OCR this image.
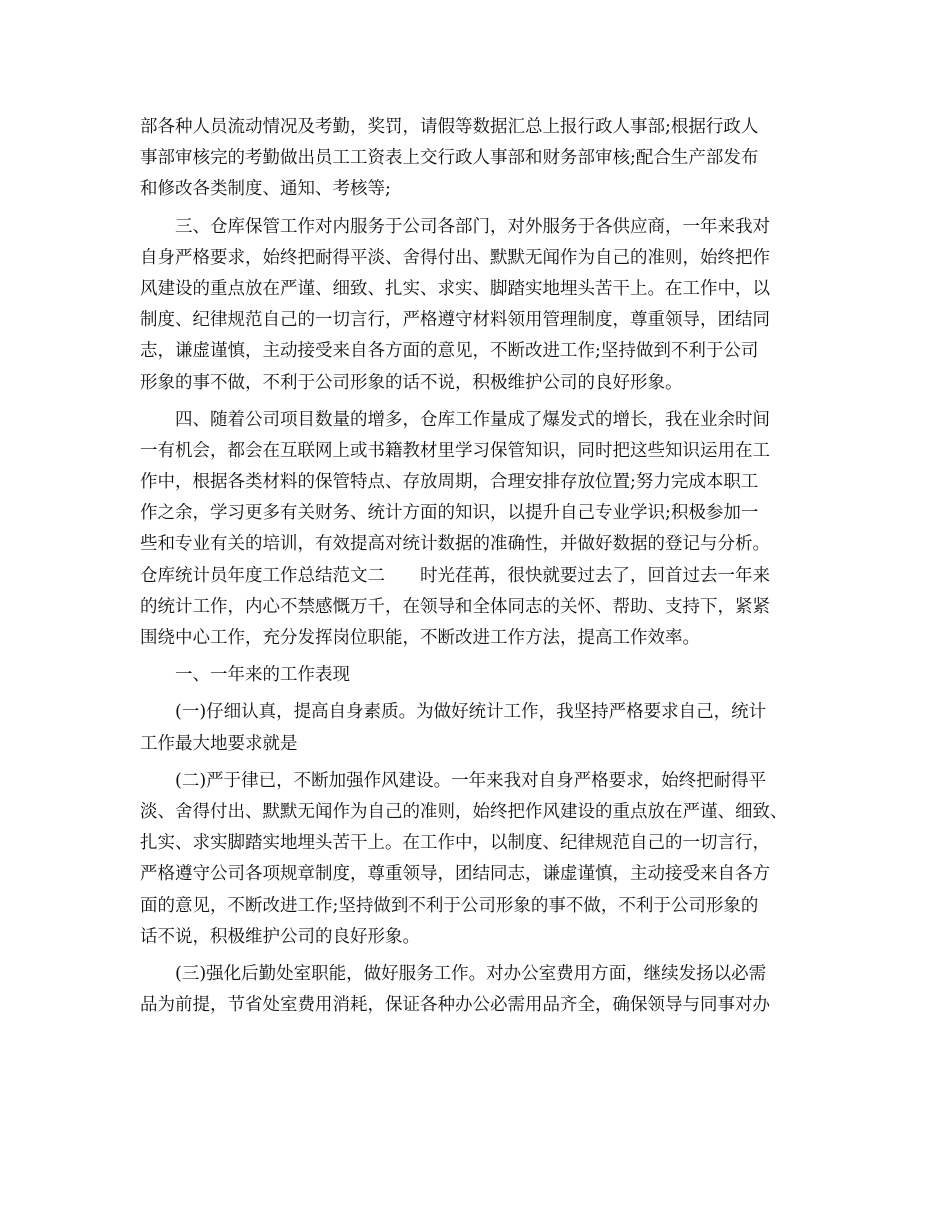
部各种人员流动情况及考勤，奖罚，请假等数据汇总上报行政人事部;根据行政人
事部审核完的考勤做出员工工资表上交行政人事部和财务部审核;配合生产部发布
和修改各类制度、通知、考核等;
三、仓库保管工作对内服务于公司各部门，对外服务于各供应商，一年来我对
自身严格要求，始终把耐得平淡、舍得付出、默默无闻作为自己的准则，始终把作
风建设的重点放在严谨、细致、扎实、求实、脚踏实地埋头苦干上。在工作中，以
制度、纪律规范自己的一切言行，严格遵守材料领用管理制度，尊重领导，团结同
志，谦虚谨慎，主动接受来自各方面的意见，不断改进工作;坚持做到不利于公司
形象的事不做，不利于公司形象的话不说，积极维护公司的良好形象。
四、随着公司项目数量的增多，仓库工作量成了爆发式的增长，我在业余时间
一有机会，都会在互联网上或书籍教材里学习保管知识，同时把这些知识运用在工
作中，根据各类材料的保管特点、存放周期，合理安排存放位置;努力完成本职工
作之余，学习更多有关财务、统计方面的知识，以提升自己专业学识;积极参加一
些和专业有关的培训，有效提高对统计数据的准确性，并做好数据的登记与分析。
仓库统计员年度工作总结范文二　　时光荏苒，很快就要过去了，回首过去一年来
的统计工作，内心不禁感慨万千，在领导和全体同志的关怀、帮助、支持下，紧紧
围绕中心工作，充分发挥岗位职能，不断改进工作方法，提高工作效率。
一、一年来的工作表现
(一)仔细认真，提高自身素质。为做好统计工作，我坚持严格要求自己，统计
工作最大地要求就是
(二)严于律已，不断加强作风建设。一年来我对自身严格要求，始终把耐得平
淡、舍得付出、默默无闻作为自己的准则，始终把作风建设的重点放在严谨、细致、
扎实、求实脚踏实地埋头苦干上。在工作中，以制度、纪律规范自己的一切言行，
严格遵守公司各项规章制度，尊重领导，团结同志，谦虚谨慎，主动接受来自各方
面的意见，不断改进工作;坚持做到不利于公司形象的事不做，不利于公司形象的
话不说，积极维护公司的良好形象。
(三)强化后勤处室职能，做好服务工作。对办公室费用方面，继续发扬以必需
品为前提，节省处室费用消耗，保证各种办公必需用品齐全，确保领导与同事对办
